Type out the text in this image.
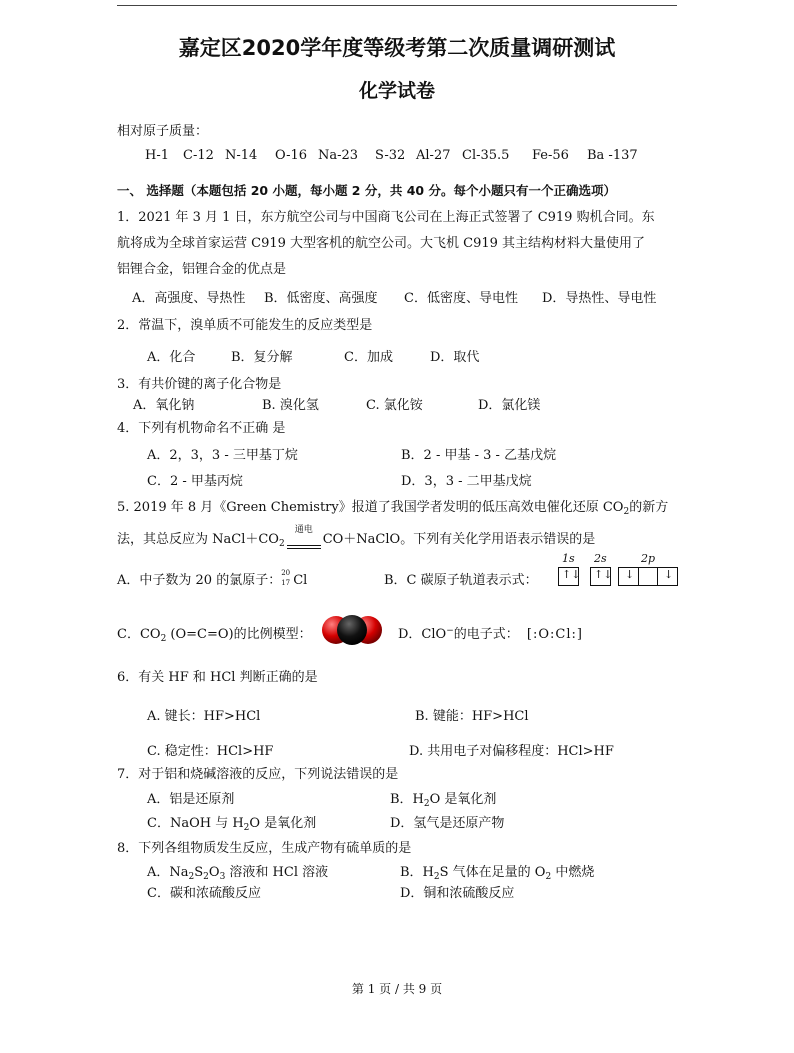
嘉定区2020学年度等级考第二次质量调研测试
化学试卷
相对原子质量：
H-1 C-12 N-14 O-16 Na-23 S-32 Al-27 Cl-35.5 Fe-56 Ba -137
一、 选择题（本题包括 20 小题，每小题 2 分，共 40 分。每个小题只有一个正确选项）
1．2021 年 3 月 1 日，东方航空公司与中国商飞公司在上海正式签署了 C919 购机合同。东
航将成为全球首家运营 C919 大型客机的航空公司。大飞机 C919 其主结构材料大量使用了
铝锂合金，铝锂合金的优点是
A．高强度、导热性 B．低密度、高强度 C．低密度、导电性 D．导热性、导电性
2．常温下，溴单质不可能发生的反应类型是
A．化合	B．复分解	C．加成	D．取代
3．有共价键的离子化合物是
A．氧化钠	B. 溴化氢	C. 氯化铵	D．氯化镁
4．下列有机物命名不正确 是
A．2，3，3 - 三甲基丁烷	B．2 - 甲基 - 3 - 乙基戊烷
C．2 - 甲基丙烷	D．3，3 - 二甲基戊烷
5. 2019 年 8 月《Green Chemistry》报道了我国学者发明的低压高效电催化还原 $CO_2$的新方
法，其总反应为 $NaCl+CO_2$
通电
CO＋NaClO。下列有关化学用语表示错误的是
A．中子数为 20 的氯原子： 20
17 Cl	B．C 碳原子轨道表示式：
1s 2s	2p
↑↓ ↑↓ ↓	↓
C．$CO_2$ (O=C=O)的比例模型：	D．ClO−的电子式： [:O:Cl:]
6．有关 HF 和 HCl 判断正确的是
A. 键长：HF>HCl	B. 键能：HF>HCl
C. 稳定性：HCl>HF	D. 共用电子对偏移程度：HCl>HF
7．对于铝和烧碱溶液的反应，下列说法错误的是
A．铝是还原剂	B．$H_2O$ 是氧化剂
C．NaOH 与 $H_2O$ 是氧化剂	D．氢气是还原产物
8．下列各组物质发生反应，生成产物有硫单质的是
A．$Na_2S_2O_3$ 溶液和 HCl 溶液	B．$H_2S$ 气体在足量的 $O_2$ 中燃烧
C．碳和浓硫酸反应	D．铜和浓硫酸反应
第 1 页 / 共 9 页
